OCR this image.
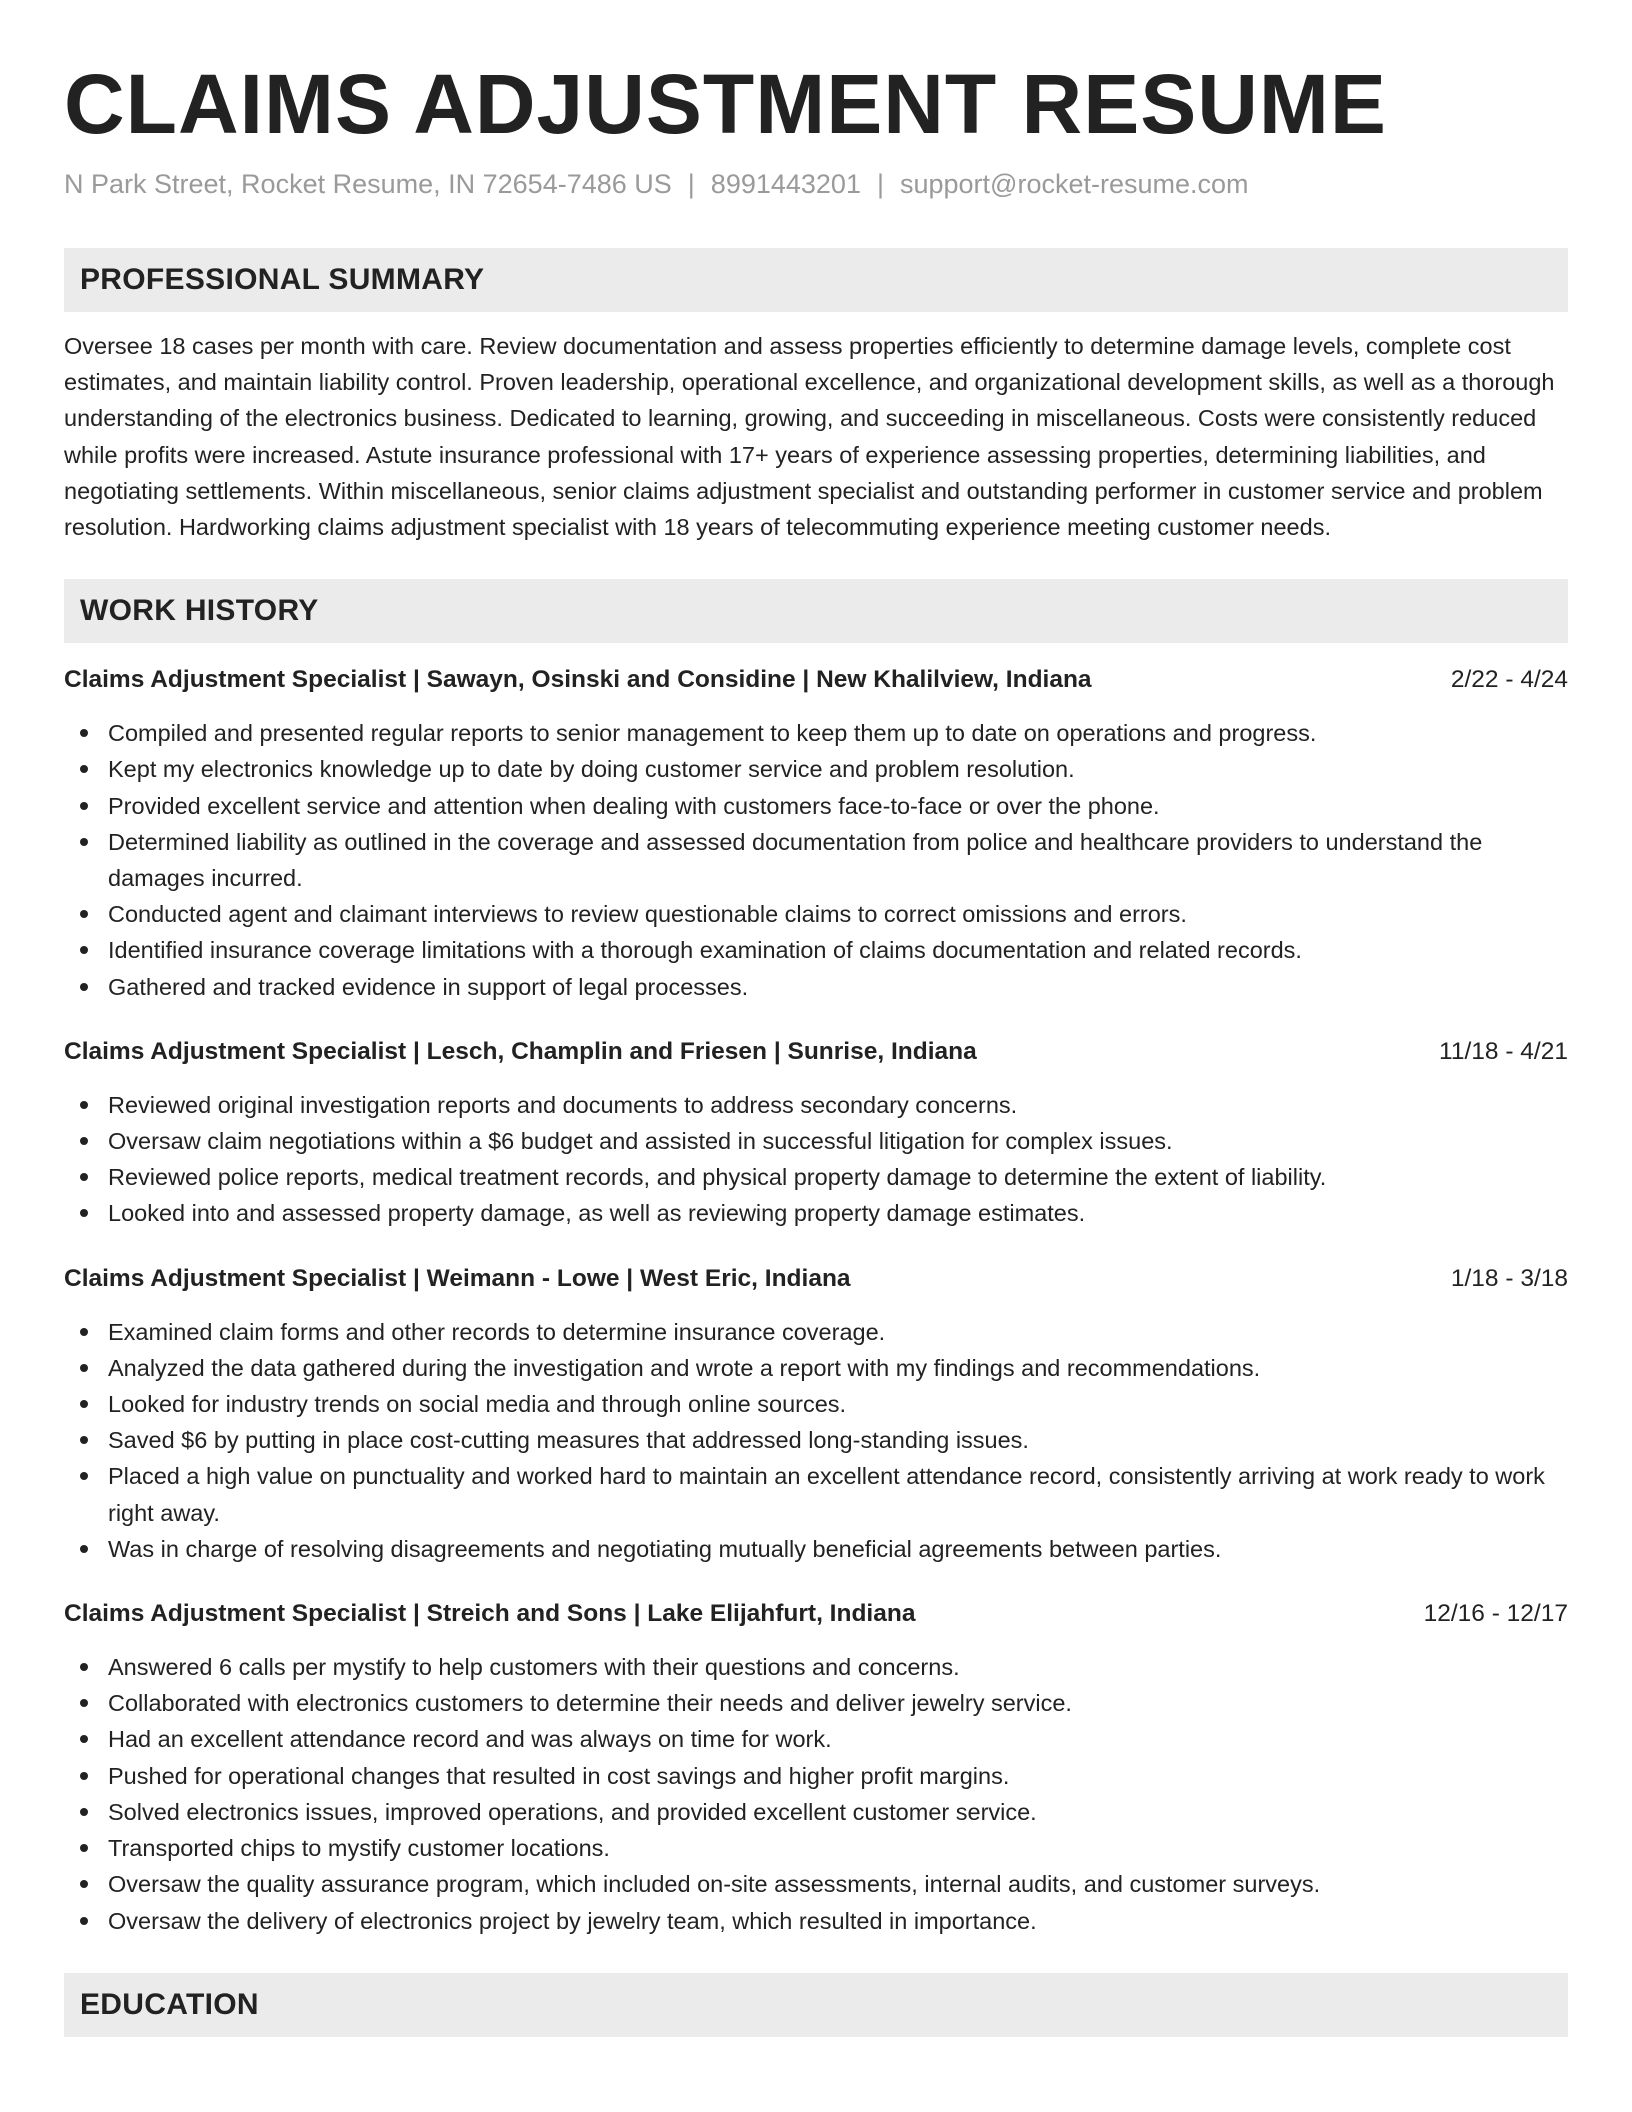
CLAIMS ADJUSTMENT RESUME
N Park Street, Rocket Resume, IN 72654-7486 US | 8991443201 | support@rocket-resume.com
PROFESSIONAL SUMMARY
Oversee 18 cases per month with care. Review documentation and assess properties efficiently to determine damage levels, complete cost estimates, and maintain liability control. Proven leadership, operational excellence, and organizational development skills, as well as a thorough understanding of the electronics business. Dedicated to learning, growing, and succeeding in miscellaneous. Costs were consistently reduced while profits were increased. Astute insurance professional with 17+ years of experience assessing properties, determining liabilities, and negotiating settlements. Within miscellaneous, senior claims adjustment specialist and outstanding performer in customer service and problem resolution. Hardworking claims adjustment specialist with 18 years of telecommuting experience meeting customer needs.
WORK HISTORY
Claims Adjustment Specialist | Sawayn, Osinski and Considine | New Khalilview, Indiana	2/22 - 4/24
Compiled and presented regular reports to senior management to keep them up to date on operations and progress.
Kept my electronics knowledge up to date by doing customer service and problem resolution.
Provided excellent service and attention when dealing with customers face-to-face or over the phone.
Determined liability as outlined in the coverage and assessed documentation from police and healthcare providers to understand the damages incurred.
Conducted agent and claimant interviews to review questionable claims to correct omissions and errors.
Identified insurance coverage limitations with a thorough examination of claims documentation and related records.
Gathered and tracked evidence in support of legal processes.
Claims Adjustment Specialist | Lesch, Champlin and Friesen | Sunrise, Indiana	11/18 - 4/21
Reviewed original investigation reports and documents to address secondary concerns.
Oversaw claim negotiations within a $6 budget and assisted in successful litigation for complex issues.
Reviewed police reports, medical treatment records, and physical property damage to determine the extent of liability.
Looked into and assessed property damage, as well as reviewing property damage estimates.
Claims Adjustment Specialist | Weimann - Lowe | West Eric, Indiana	1/18 - 3/18
Examined claim forms and other records to determine insurance coverage.
Analyzed the data gathered during the investigation and wrote a report with my findings and recommendations.
Looked for industry trends on social media and through online sources.
Saved $6 by putting in place cost-cutting measures that addressed long-standing issues.
Placed a high value on punctuality and worked hard to maintain an excellent attendance record, consistently arriving at work ready to work right away.
Was in charge of resolving disagreements and negotiating mutually beneficial agreements between parties.
Claims Adjustment Specialist | Streich and Sons | Lake Elijahfurt, Indiana	12/16 - 12/17
Answered 6 calls per mystify to help customers with their questions and concerns.
Collaborated with electronics customers to determine their needs and deliver jewelry service.
Had an excellent attendance record and was always on time for work.
Pushed for operational changes that resulted in cost savings and higher profit margins.
Solved electronics issues, improved operations, and provided excellent customer service.
Transported chips to mystify customer locations.
Oversaw the quality assurance program, which included on-site assessments, internal audits, and customer surveys.
Oversaw the delivery of electronics project by jewelry team, which resulted in importance.
EDUCATION
